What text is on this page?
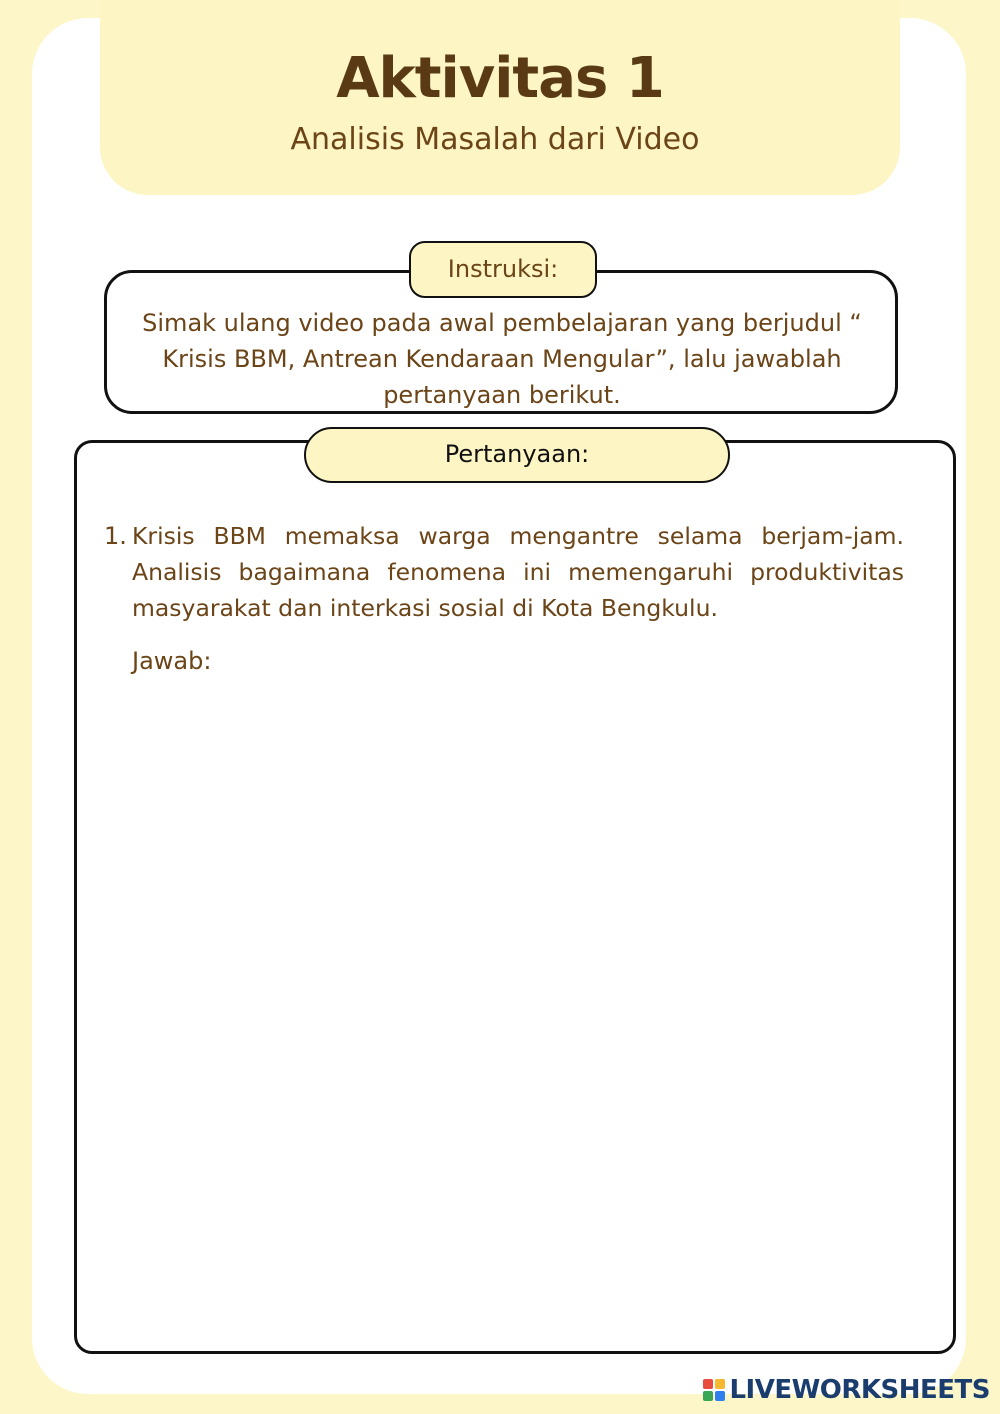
Aktivitas 1
Analisis Masalah dari Video
Instruksi:
Simak ulang video pada awal pembelajaran yang berjudul “ Krisis BBM, Antrean Kendaraan Mengular”, lalu jawablah pertanyaan berikut.
Pertanyaan:
1. Krisis BBM memaksa warga mengantre selama berjam-jam. Analisis bagaimana fenomena ini memengaruhi produktivitas masyarakat dan interkasi sosial di Kota Bengkulu.
Jawab:
LIVEWORKSHEETS
